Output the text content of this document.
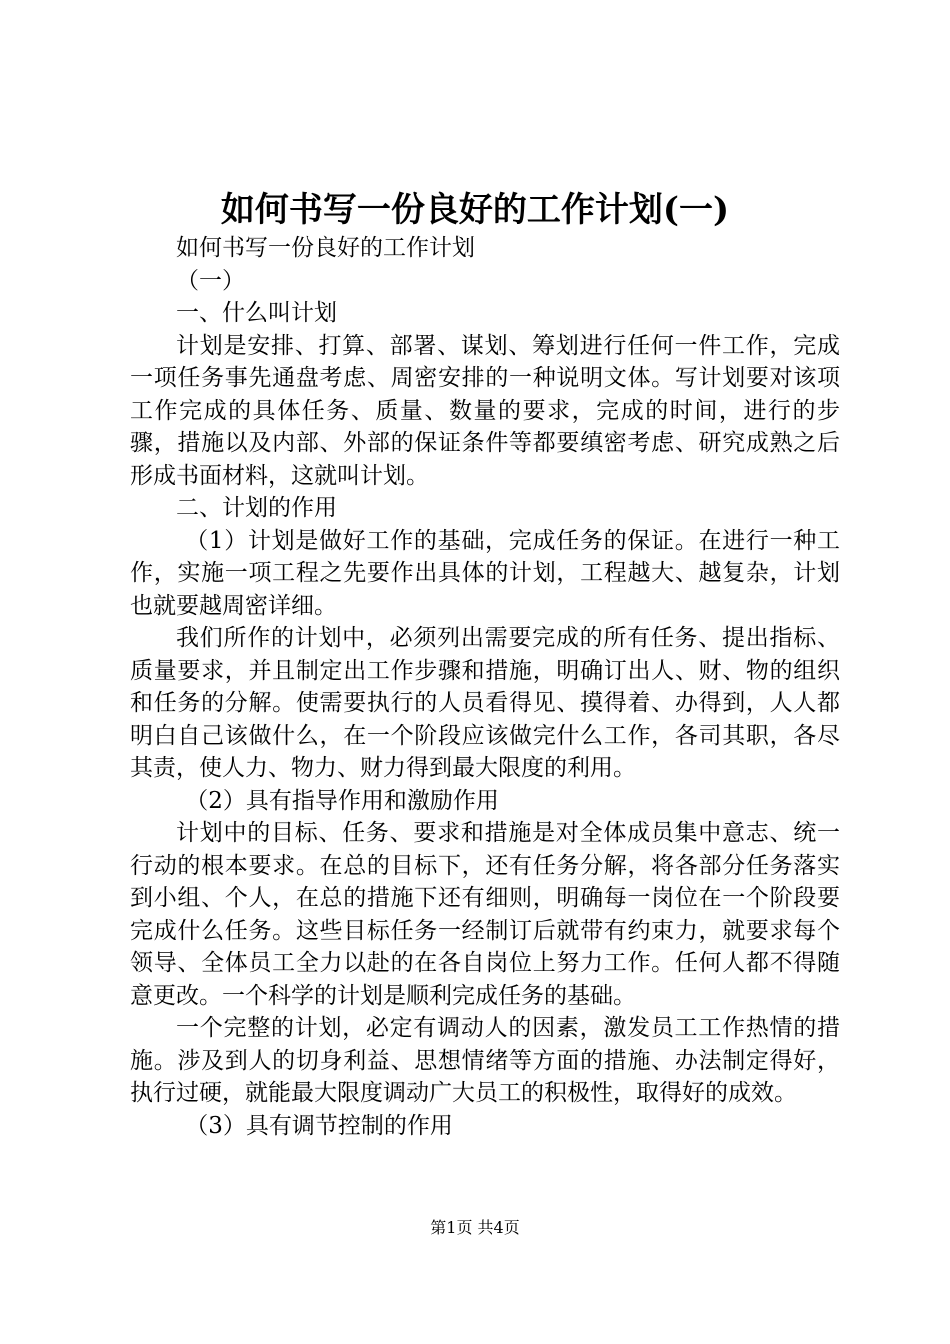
如何书写一份良好的工作计划(一)

如何书写一份良好的工作计划

（一）

一、什么叫计划

计划是安排、打算、部署、谋划、筹划进行任何一件工作，完成一项任务事先通盘考虑、周密安排的一种说明文体。写计划要对该项工作完成的具体任务、质量、数量的要求，完成的时间，进行的步骤，措施以及内部、外部的保证条件等都要缜密考虑、研究成熟之后形成书面材料，这就叫计划。

二、计划的作用

（1）计划是做好工作的基础，完成任务的保证。在进行一种工作，实施一项工程之先要作出具体的计划，工程越大、越复杂，计划也就要越周密详细。

我们所作的计划中，必须列出需要完成的所有任务、提出指标、质量要求，并且制定出工作步骤和措施，明确订出人、财、物的组织和任务的分解。使需要执行的人员看得见、摸得着、办得到，人人都明白自己该做什么，在一个阶段应该做完什么工作，各司其职，各尽其责，使人力、物力、财力得到最大限度的利用。

（2）具有指导作用和激励作用

计划中的目标、任务、要求和措施是对全体成员集中意志、统一行动的根本要求。在总的目标下，还有任务分解，将各部分任务落实到小组、个人，在总的措施下还有细则，明确每一岗位在一个阶段要完成什么任务。这些目标任务一经制订后就带有约束力，就要求每个领导、全体员工全力以赴的在各自岗位上努力工作。任何人都不得随意更改。一个科学的计划是顺利完成任务的基础。

一个完整的计划，必定有调动人的因素，激发员工工作热情的措施。涉及到人的切身利益、思想情绪等方面的措施、办法制定得好，执行过硬，就能最大限度调动广大员工的积极性，取得好的成效。

（3）具有调节控制的作用

第1页 共4页
